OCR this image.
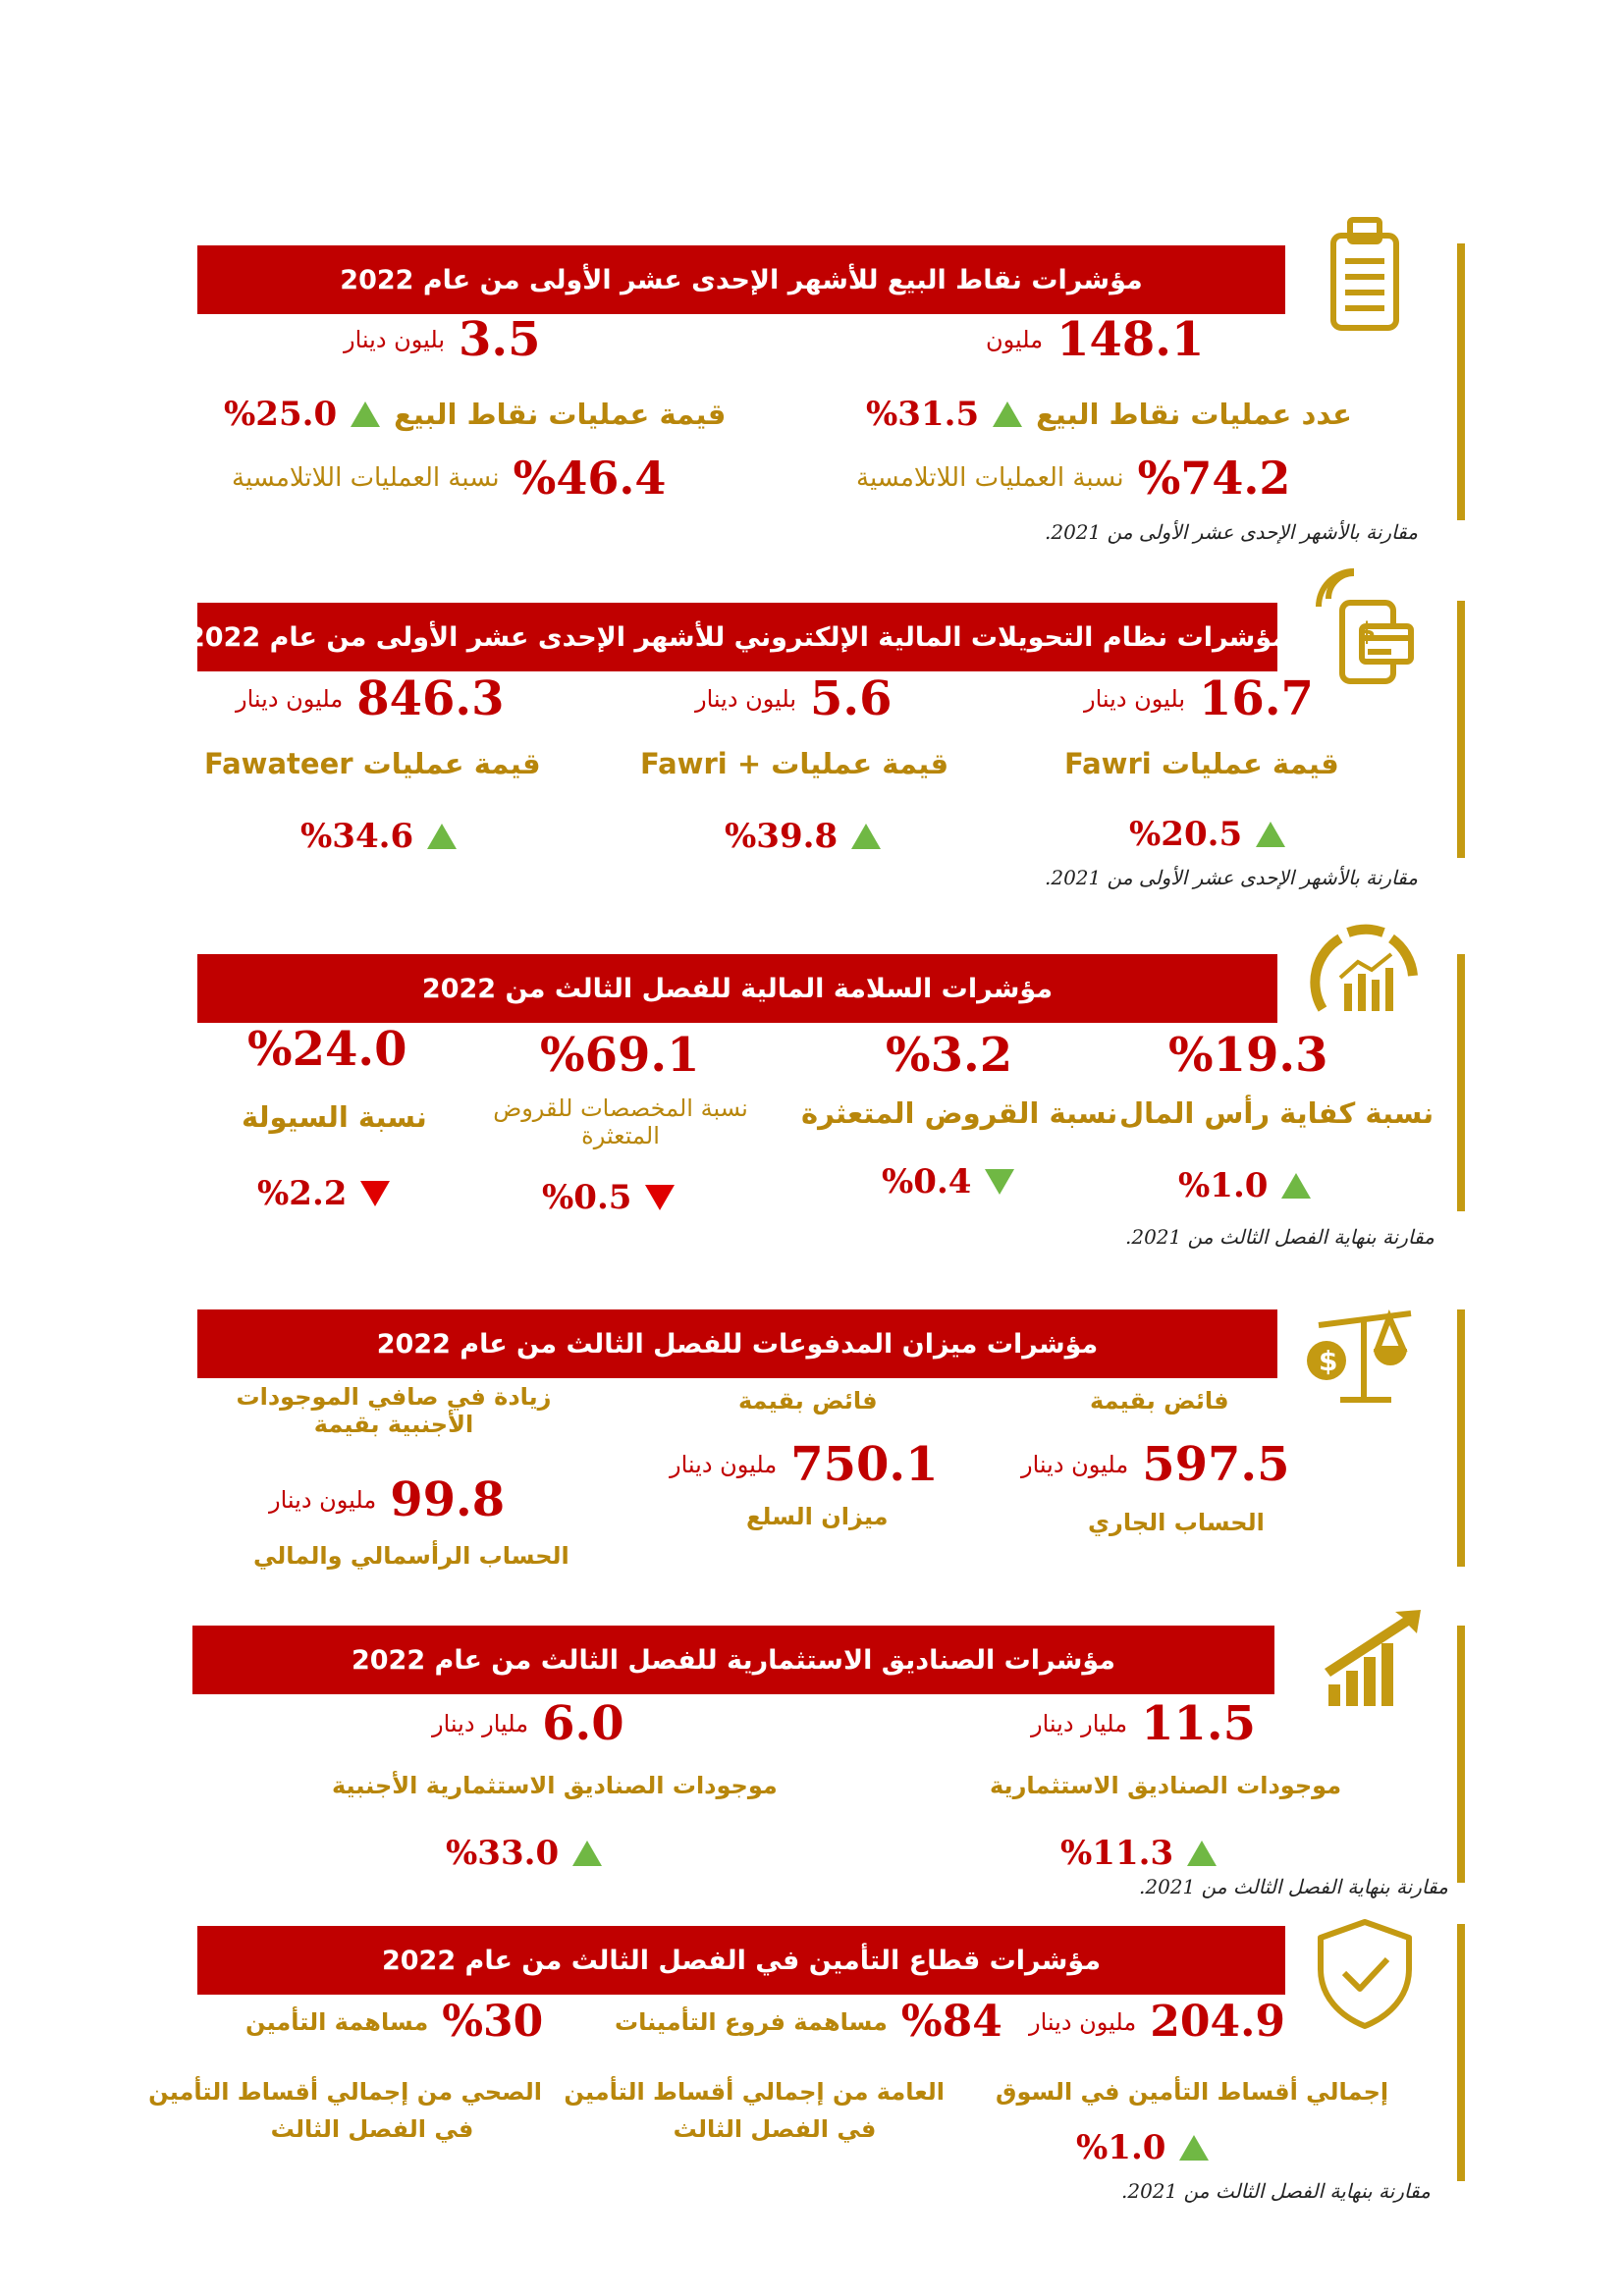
مؤشرات نقاط البيع للأشهر الإحدى عشر الأولى من عام 2022
مليون 148.1
بليون دينار 3.5
%31.5 عدد عمليات نقاط البيع
%25.0 قيمة عمليات نقاط البيع
نسبة العمليات اللاتلامسية %74.2
نسبة العمليات اللاتلامسية %46.4
مقارنة بالأشهر الإحدى عشر الأولى من 2021.
$
مؤشرات نظام التحويلات المالية الإلكتروني للأشهر الإحدى عشر الأولى من عام 2022
بليون دينار 16.7
بليون دينار 5.6
مليون دينار 846.3
قيمة عمليات Fawri
قيمة عمليات + Fawri
قيمة عمليات Fawateer
%20.5
%39.8
%34.6
مقارنة بالأشهر الإحدى عشر الأولى من 2021.
مؤشرات السلامة المالية للفصل الثالث من 2022
%19.3
%3.2
%69.1
%24.0
نسبة كفاية رأس المال
نسبة القروض المتعثرة
نسبة المخصصات للقروض
المتعثرة
نسبة السيولة
%1.0
%0.4
%0.5
%2.2
مقارنة بنهاية الفصل الثالث من 2021.
$
مؤشرات ميزان المدفوعات للفصل الثالث من عام 2022
فائض بقيمة
فائض بقيمة
زيادة في صافي الموجودات
الأجنبية بقيمة
مليون دينار 597.5
مليون دينار 750.1
مليون دينار 99.8	الحساب الجاري
ميزان السلع
الحساب الرأسمالي والمالي
مؤشرات الصناديق الاستثمارية للفصل الثالث من عام 2022
مليار دينار 11.5
مليار دينار 6.0
موجودات الصناديق الاستثمارية
موجودات الصناديق الاستثمارية الأجنبية
%11.3
%33.0
مقارنة بنهاية الفصل الثالث من 2021.
مؤشرات قطاع التأمين في الفصل الثالث من عام 2022
مليون دينار 204.9
مساهمة فروع التأمينات %84
مساهمة التأمين %30
إجمالي أقساط التأمين في السوق
العامة من إجمالي أقساط التأمين
في الفصل الثالث
الصحي من إجمالي أقساط التأمين
في الفصل الثالث	%1.0
مقارنة بنهاية الفصل الثالث من 2021.
